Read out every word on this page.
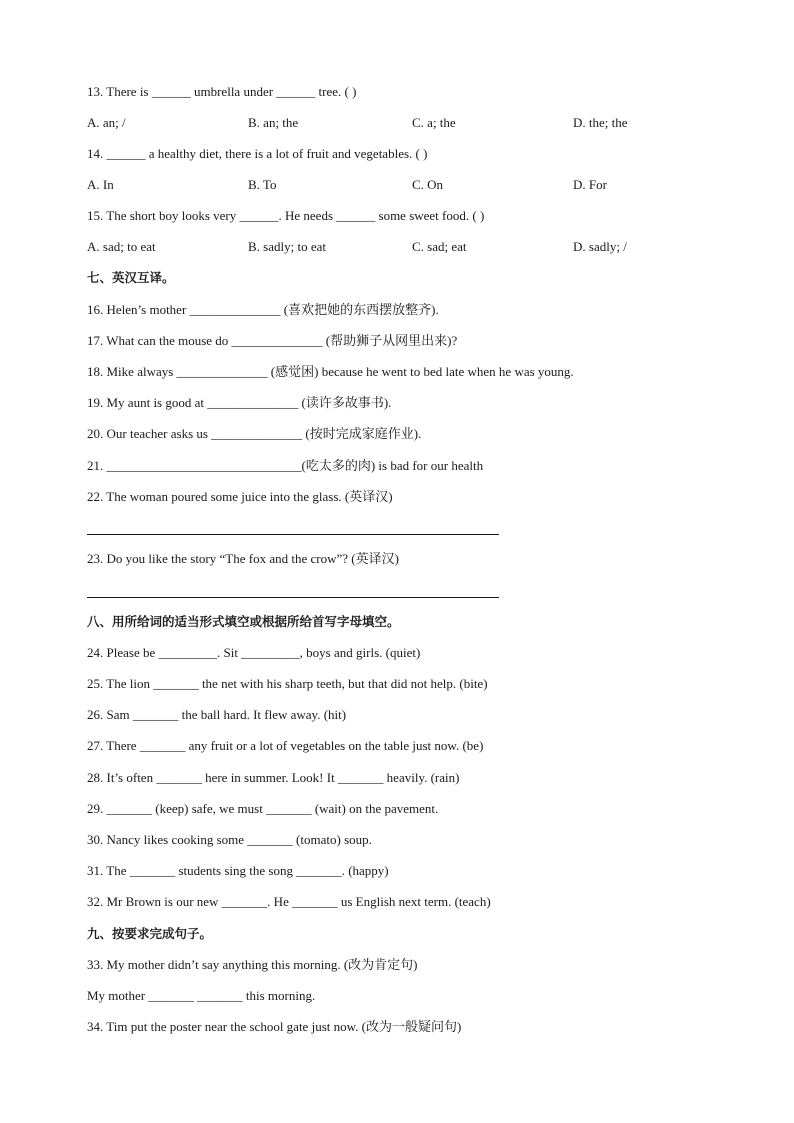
13. There is ______ umbrella under ______ tree. ( )
A. an; /	B. an; the	C. a; the	D. the; the
14. ______ a healthy diet, there is a lot of fruit and vegetables. ( )
A. In	B. To	C. On	D. For
15. The short boy looks very ______. He needs ______ some sweet food. ( )
A. sad; to eat	B. sadly; to eat	C. sad; eat	D. sadly; /
七、英汉互译。
16. Helen’s mother ______________ (喜欢把她的东西摆放整齐).
17. What can the mouse do ______________ (帮助狮子从网里出来)?
18. Mike always ______________ (感觉困) because he went to bed late when he was young.
19. My aunt is good at ______________ (读许多故事书).
20. Our teacher asks us ______________ (按时完成家庭作业).
21. ______________________________(吃太多的肉) is bad for our health
22. The woman poured some juice into the glass. (英译汉)
23. Do you like the story “The fox and the crow”? (英译汉)
八、用所给词的适当形式填空或根据所给首写字母填空。
24. Please be _________. Sit _________, boys and girls. (quiet)
25. The lion _______ the net with his sharp teeth, but that did not help. (bite)
26. Sam _______ the ball hard. It flew away. (hit)
27. There _______ any fruit or a lot of vegetables on the table just now. (be)
28. It’s often _______ here in summer. Look! It _______ heavily. (rain)
29. _______ (keep) safe, we must _______ (wait) on the pavement.
30. Nancy likes cooking some _______ (tomato) soup.
31. The _______ students sing the song _______. (happy)
32. Mr Brown is our new _______. He _______ us English next term. (teach)
九、按要求完成句子。
33. My mother didn’t say anything this morning. (改为肯定句)
My mother _______ _______ this morning.
34. Tim put the poster near the school gate just now. (改为一般疑问句)
